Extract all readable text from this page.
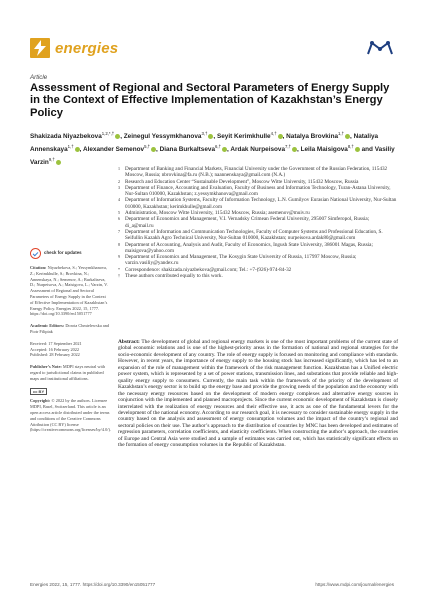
energies
Article
Assessment of Regional and Sectoral Parameters of Energy Supply in the Context of Effective Implementation of Kazakhstan’s Energy Policy
Shakizada Niyazbekova$^{1,2,*,\dagger}$ , Zeinegul Yessymkhanova$^{3,\dagger}$ , Seyit Kerimkhulle$^{4,\dagger}$ , Natalya Brovkina$^{1,\dagger}$ , Nataliya Annenskaya$^{1,\dagger}$ , Alexander Semenov$^{5,\dagger}$ , Diana Burkaltseva$^{6,\dagger}$ , Ardak Nurpeisova$^{7,\dagger}$ , Leila Maisigova$^{8,\dagger}$ and Vasiliy Varzin$^{9,\dagger}$
1 Department of Banking and Financial Markets, Financial University under the Government of the Russian Federation, 115432 Moscow, Russia; nbrovkina@fa.ru (N.B.); naannenskaya@gmail.com (N.A.)
2 Research and Education Center “Sustainable Development”, Moscow Witte University, 115432 Moscow, Russia
3 Department of Finance, Accounting and Evaluation, Faculty of Business and Information Technology, Turan-Astana University, Nur-Sultan 010000, Kazakhstan; z.yessymkhanova@gmail.com
4 Department of Information Systems, Faculty of Information Technology, L.N. Gumilyov Eurasian National University, Nur-Sultan 010000, Kazakhstan; kerimkhulle@gmail.com
5 Administration, Moscow Witte University, 115432 Moscow, Russia; asemenov@muiv.ru
6 Department of Economics and Management, V.I. Vernadsky Crimean Federal University, 295007 Simferopol, Russia; di_a@mail.ru
7 Department of Information and Communication Technologies, Faculty of Computer Systems and Professional Education, S. Seifullin Kazakh Agro Technical University, Nur-Sultan 010000, Kazakhstan; nurpeisova.ardak80@gmail.com
8 Department of Accounting, Analysis and Audit, Faculty of Economics, Ingush State University, 386001 Magas, Russia; maisigova@yahoo.com
9 Department of Economics and Management, The Kosygin State University of Russia, 117997 Moscow, Russia; varzin.vasiliy@yandex.ru
* Correspondence: shakizada.niyazbekova@gmail.com; Tel.: +7-(926)-974-84-32
† These authors contributed equally to this work.
check for updates
Citation: Niyazbekova, S.; Yessymkhanova, Z.; Kerimkhulle, S.; Brovkina, N.; Annenskaya, N.; Semenov, A.; Burkaltseva, D.; Nurpeisova, A.; Maisigova, L.; Varzin, V. Assessment of Regional and Sectoral Parameters of Energy Supply in the Context of Effective Implementation of Kazakhstan’s Energy Policy. Energies 2022, 15, 1777. https://doi.org/10.3390/en15051777
Academic Editors: Dorota Chmielewska and Piotr Filipiak
Received: 17 September 2021
Accepted: 16 February 2022
Published: 28 February 2022
Publisher’s Note: MDPI stays neutral with regard to jurisdictional claims in published maps and institutional affiliations.
cc BY
Copyright: © 2022 by the authors. Licensee MDPI, Basel, Switzerland. This article is an open access article distributed under the terms and conditions of the Creative Commons Attribution (CC BY) license (https://creativecommons.org/licenses/by/4.0/).
Abstract: The development of global and regional energy markets is one of the most important problems of the current state of global economic relations and is one of the highest-priority areas in the formation of national and regional strategies for the socio-economic development of any country. The role of energy supply is focused on monitoring and compliance with standards. However, in recent years, the importance of energy supply to the housing stock has increased significantly, which has led to an expansion of the role of management within the framework of the risk management function. Kazakhstan has a Unified electric power system, which is represented by a set of power stations, transmission lines, and substations that provide reliable and high-quality energy supply to consumers. Currently, the main task within the framework of the priority of the development of Kazakhstan’s energy sector is to build up the energy base and provide the growing needs of the population and the economy with the necessary energy resources based on the development of modern energy complexes and alternative energy sources in conjunction with the implemented and planned macroprojects. Since the current economic development of Kazakhstan is closely interrelated with the realization of energy resources and their effective use, it acts as one of the fundamental levers for the development of the national economy. According to our research goal, it is necessary to consider sustainable energy supply in the country based on the analysis and assessment of energy consumption volumes and the impact of the country’s regional and sectoral policies on their use. The author’s approach to the distribution of countries by MNC has been developed and estimates of regression parameters, correlation coefficients, and elasticity coefficients. When constructing the author’s approach, the countries of Europe and Central Asia were studied and a sample of estimates was carried out, which has statistically significant effects on the formation of energy consumption volumes in the Republic of Kazakhstan.
Energies 2022, 15, 1777. https://doi.org/10.3390/en15051777	https://www.mdpi.com/journal/energies
